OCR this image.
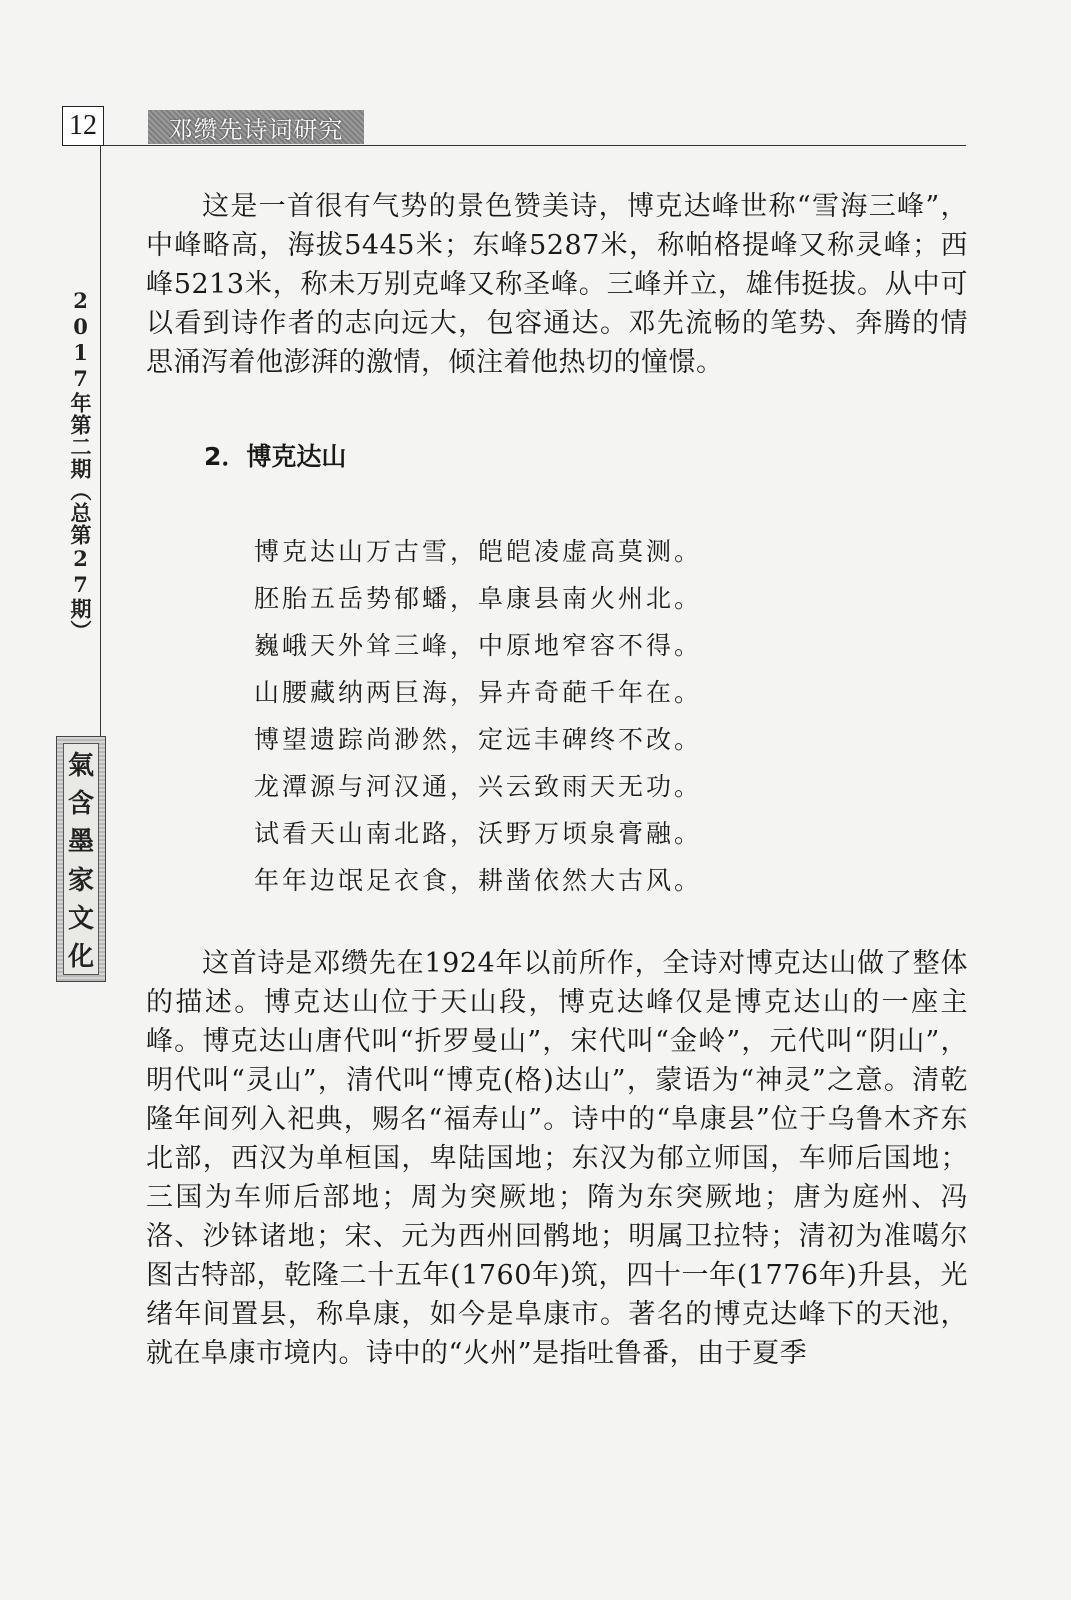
12	邓缵先诗词研究
2017年第二期（总第27期）
氣
含
墨
家
文
化

这是一首很有气势的景色赞美诗，博克达峰世称“雪海三峰”，中峰略高，海拔5445米；东峰5287米，称帕格提峰又称灵峰；西峰5213米，称未万别克峰又称圣峰。三峰并立，雄伟挺拔。从中可以看到诗作者的志向远大，包容通达。邓先流畅的笔势、奔腾的情思涌泻着他澎湃的激情，倾注着他热切的憧憬。

2．博克达山
博克达山万古雪，皑皑凌虚高莫测。
胚胎五岳势郁蟠，阜康县南火州北。
巍峨天外耸三峰，中原地窄容不得。
山腰藏纳两巨海，异卉奇葩千年在。
博望遗踪尚渺然，定远丰碑终不改。
龙潭源与河汉通，兴云致雨天无功。
试看天山南北路，沃野万顷泉膏融。
年年边氓足衣食，耕凿依然大古风。

这首诗是邓缵先在1924年以前所作，全诗对博克达山做了整体的描述。博克达山位于天山段，博克达峰仅是博克达山的一座主峰。博克达山唐代叫“折罗曼山”，宋代叫“金岭”，元代叫“阴山”，明代叫“灵山”，清代叫“博克(格)达山”，蒙语为“神灵”之意。清乾隆年间列入祀典，赐名“福寿山”。诗中的“阜康县”位于乌鲁木齐东北部，西汉为单桓国，卑陆国地；东汉为郁立师国，车师后国地；三国为车师后部地；周为突厥地；隋为东突厥地；唐为庭州、冯洛、沙钵诸地；宋、元为西州回鹘地；明属卫拉特；清初为准噶尔图古特部，乾隆二十五年(1760年)筑，四十一年(1776年)升县，光绪年间置县，称阜康，如今是阜康市。著名的博克达峰下的天池，就在阜康市境内。诗中的“火州”是指吐鲁番，由于夏季
